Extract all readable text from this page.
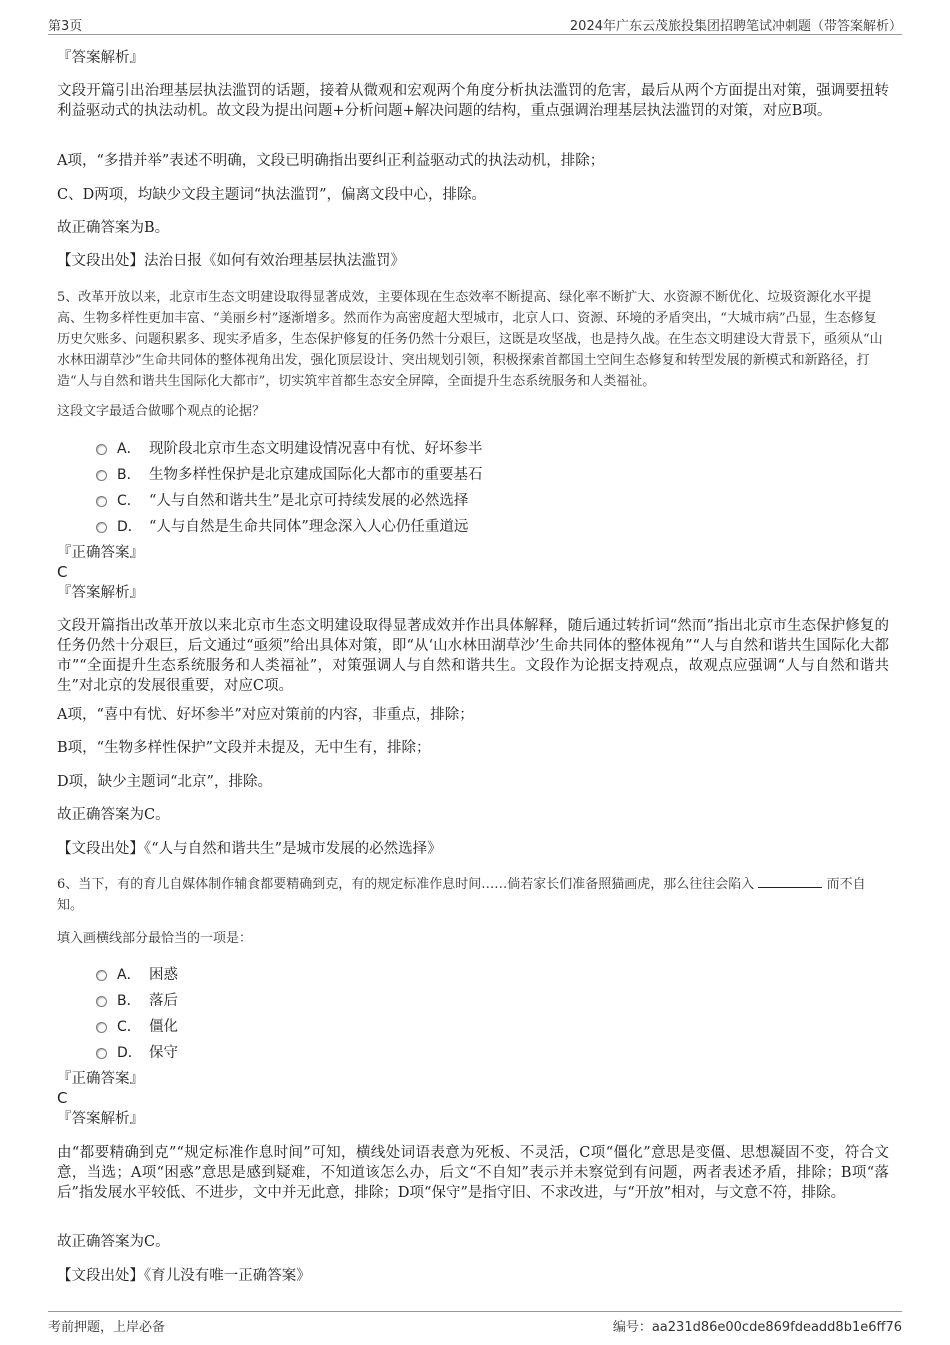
第3页	2024年广东云茂旅投集团招聘笔试冲刺题（带答案解析）
『答案解析』
文段开篇引出治理基层执法滥罚的话题，接着从微观和宏观两个角度分析执法滥罚的危害，最后从两个方面提出对策，强调要扭转利益驱动式的执法动机。故文段为提出问题+分析问题+解决问题的结构，重点强调治理基层执法滥罚的对策，对应B项。
A项，“多措并举”表述不明确，文段已明确指出要纠正利益驱动式的执法动机，排除；
C、D两项，均缺少文段主题词“执法滥罚”，偏离文段中心，排除。
故正确答案为B。
【文段出处】法治日报《如何有效治理基层执法滥罚》
5、改革开放以来，北京市生态文明建设取得显著成效，主要体现在生态效率不断提高、绿化率不断扩大、水资源不断优化、垃圾资源化水平提高、生物多样性更加丰富、“美丽乡村”逐渐增多。然而作为高密度超大型城市，北京人口、资源、环境的矛盾突出，“大城市病”凸显，生态修复历史欠账多、问题积累多、现实矛盾多，生态保护修复的任务仍然十分艰巨，这既是攻坚战，也是持久战。在生态文明建设大背景下，亟须从“山水林田湖草沙”生命共同体的整体视角出发，强化顶层设计、突出规划引领，积极探索首都国土空间生态修复和转型发展的新模式和新路径，打造“人与自然和谐共生国际化大都市”，切实筑牢首都生态安全屏障，全面提升生态系统服务和人类福祉。
这段文字最适合做哪个观点的论据？
A． 现阶段北京市生态文明建设情况喜中有忧、好坏参半
B． 生物多样性保护是北京建成国际化大都市的重要基石
C． “人与自然和谐共生”是北京可持续发展的必然选择
D． “人与自然是生命共同体”理念深入人心仍任重道远
『正确答案』
C
『答案解析』
文段开篇指出改革开放以来北京市生态文明建设取得显著成效并作出具体解释，随后通过转折词“然而”指出北京市生态保护修复的任务仍然十分艰巨，后文通过“亟须”给出具体对策，即“从‘山水林田湖草沙’生命共同体的整体视角”“人与自然和谐共生国际化大都市”“全面提升生态系统服务和人类福祉”，对策强调人与自然和谐共生。文段作为论据支持观点，故观点应强调“人与自然和谐共生”对北京的发展很重要，对应C项。
A项，“喜中有忧、好坏参半”对应对策前的内容，非重点，排除；
B项，“生物多样性保护”文段并未提及，无中生有，排除；
D项，缺少主题词“北京”，排除。
故正确答案为C。
【文段出处】《“人与自然和谐共生”是城市发展的必然选择》
6、当下，有的育儿自媒体制作辅食都要精确到克，有的规定标准作息时间……倘若家长们准备照猫画虎，那么往往会陷入	而不自知。
填入画横线部分最恰当的一项是：
A． 困惑
B． 落后
C． 僵化
D． 保守
『正确答案』
C
『答案解析』
由“都要精确到克”“规定标准作息时间”可知，横线处词语表意为死板、不灵活，C项“僵化”意思是变僵、思想凝固不变，符合文意，当选；A项“困惑”意思是感到疑难，不知道该怎么办，后文“不自知”表示并未察觉到有问题，两者表述矛盾，排除；B项“落后”指发展水平较低、不进步，文中并无此意，排除；D项“保守”是指守旧、不求改进，与“开放”相对，与文意不符，排除。
故正确答案为C。
【文段出处】《育儿没有唯一正确答案》
考前押题，上岸必备	编号：aa231d86e00cde869fdeadd8b1e6ff76
